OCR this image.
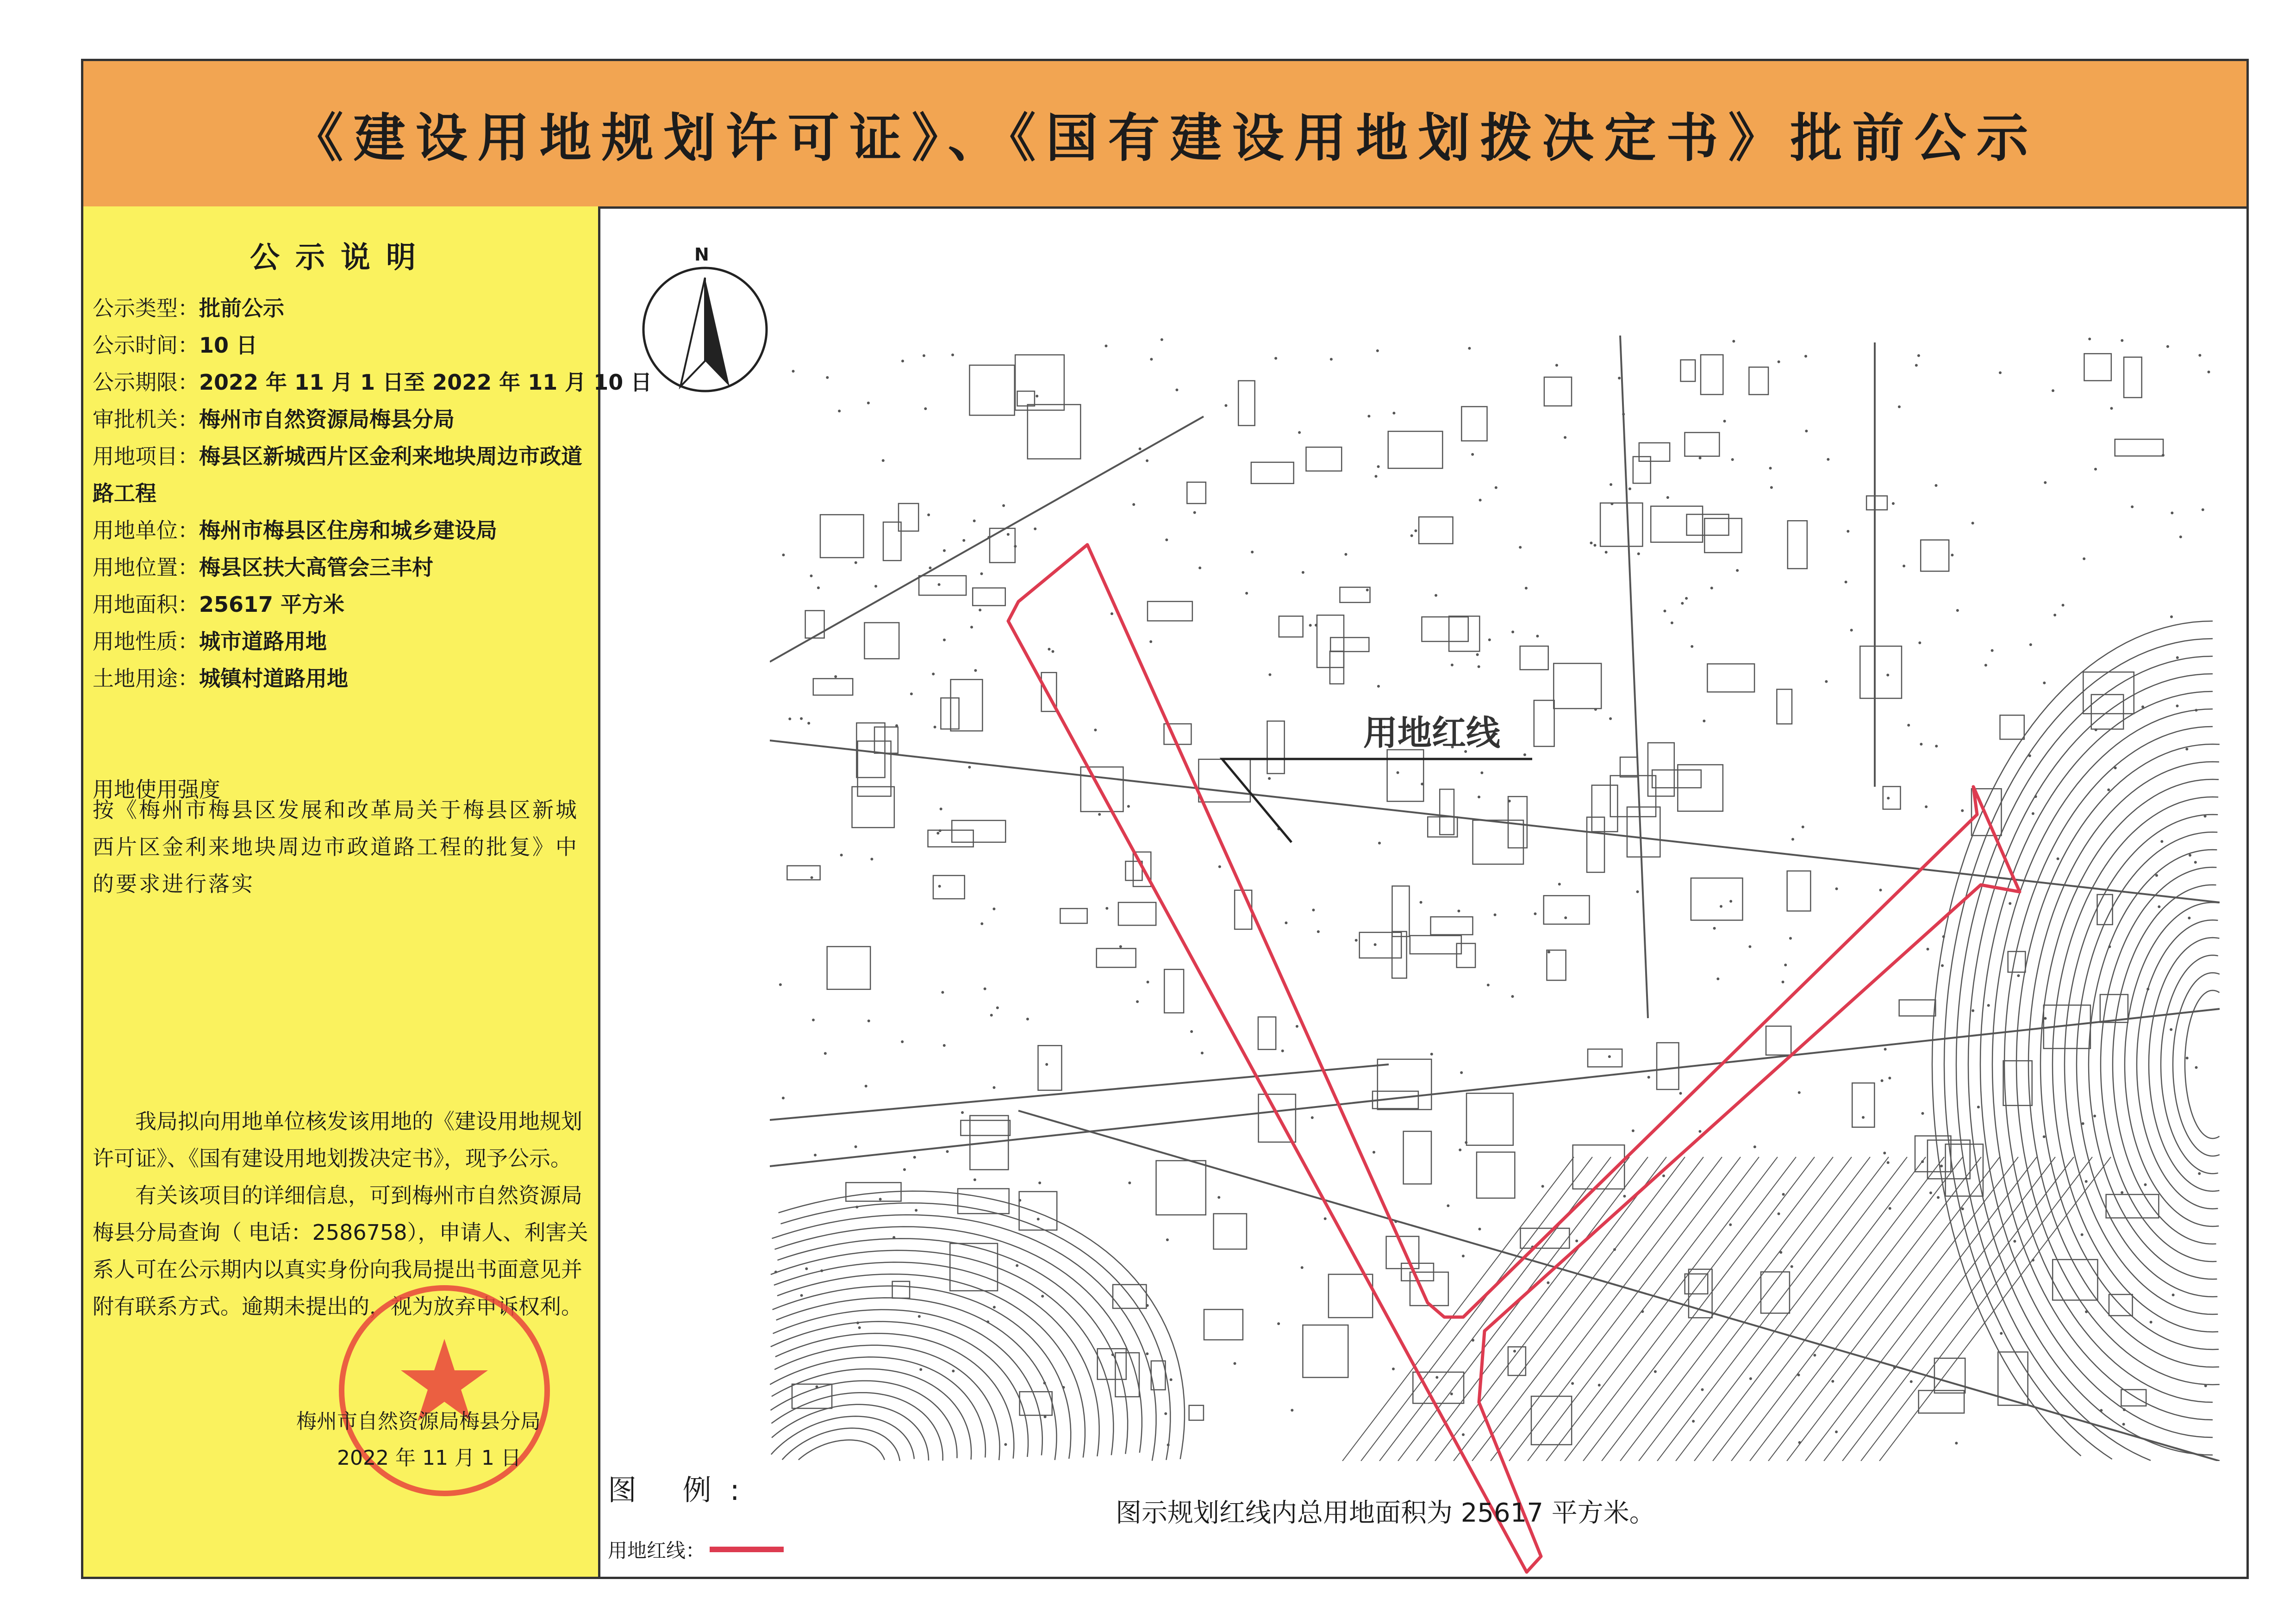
《建设用地规划许可证》、《国有建设用地划拨决定书》批前公示
公示说明
公示类型：批前公示
公示时间：10 日
公示期限：2022 年 11 月 1 日至 2022 年 11 月 10 日
审批机关：梅州市自然资源局梅县分局
用地项目：梅县区新城西片区金利来地块周边市政道
路工程
用地单位：梅州市梅县区住房和城乡建设局
用地位置：梅县区扶大高管会三丰村
用地面积：25617 平方米
用地性质：城市道路用地
土地用途：城镇村道路用地
用地使用强度
按《梅州市梅县区发展和改革局关于梅县区新城西片区金利来地块周边市政道路工程的批复》中的要求进行落实
我局拟向用地单位核发该用地的《建设用地规划许可证》、《国有建设用地划拨决定书》，现予公示。
有关该项目的详细信息，可到梅州市自然资源局梅县分局查询（ 电话：2586758），申请人、利害关系人可在公示期内以真实身份向我局提出书面意见并附有联系方式。逾期未提出的，视为放弃申诉权利。
梅州市自然资源局梅县分局
2022 年 11 月 1 日
N
用地红线
图 例:
图示规划红线内总用地面积为 25617 平方米。
用地红线：
